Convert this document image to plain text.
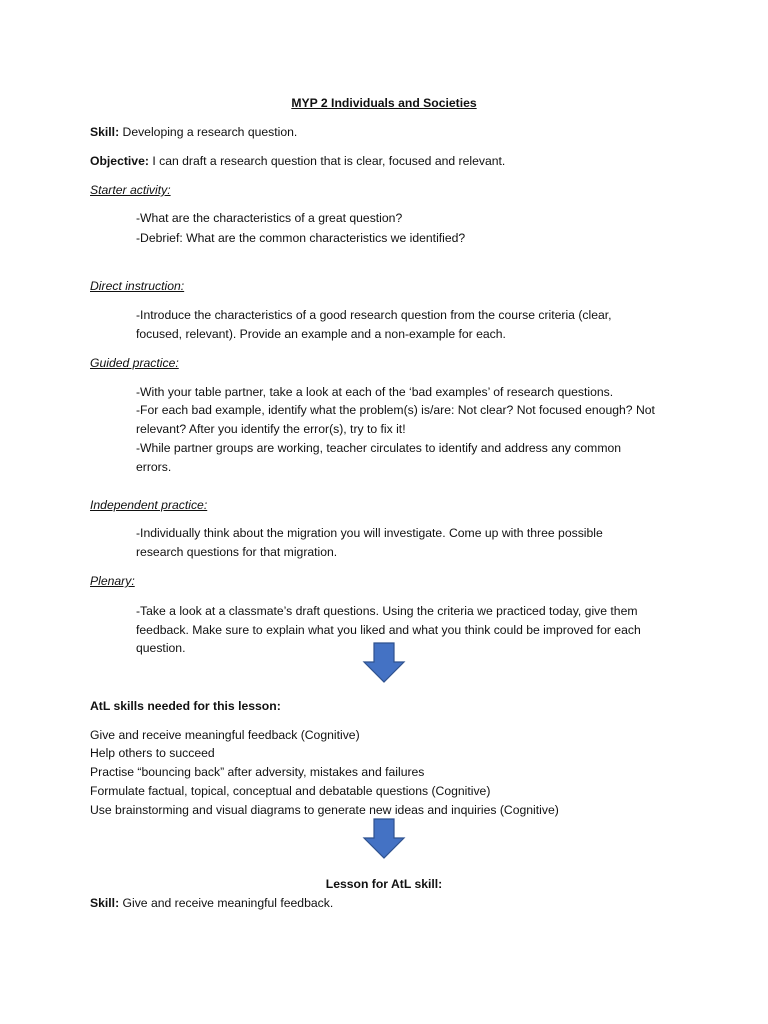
MYP 2 Individuals and Societies
Skill: Developing a research question.
Objective: I can draft a research question that is clear, focused and relevant.
Starter activity:
-What are the characteristics of a great question?
-Debrief: What are the common characteristics we identified?
Direct instruction:
-Introduce the characteristics of a good research question from the course criteria (clear,
focused, relevant). Provide an example and a non-example for each.
Guided practice:
-With your table partner, take a look at each of the ‘bad examples’ of research questions.
-For each bad example, identify what the problem(s) is/are: Not clear? Not focused enough? Not
relevant? After you identify the error(s), try to fix it!
-While partner groups are working, teacher circulates to identify and address any common
errors.
Independent practice:
-Individually think about the migration you will investigate. Come up with three possible
research questions for that migration.
Plenary:
-Take a look at a classmate’s draft questions. Using the criteria we practiced today, give them
feedback. Make sure to explain what you liked and what you think could be improved for each
question.
AtL skills needed for this lesson:
Give and receive meaningful feedback (Cognitive)
Help others to succeed
Practise “bouncing back” after adversity, mistakes and failures
Formulate factual, topical, conceptual and debatable questions (Cognitive)
Use brainstorming and visual diagrams to generate new ideas and inquiries (Cognitive)
Lesson for AtL skill:
Skill: Give and receive meaningful feedback.
